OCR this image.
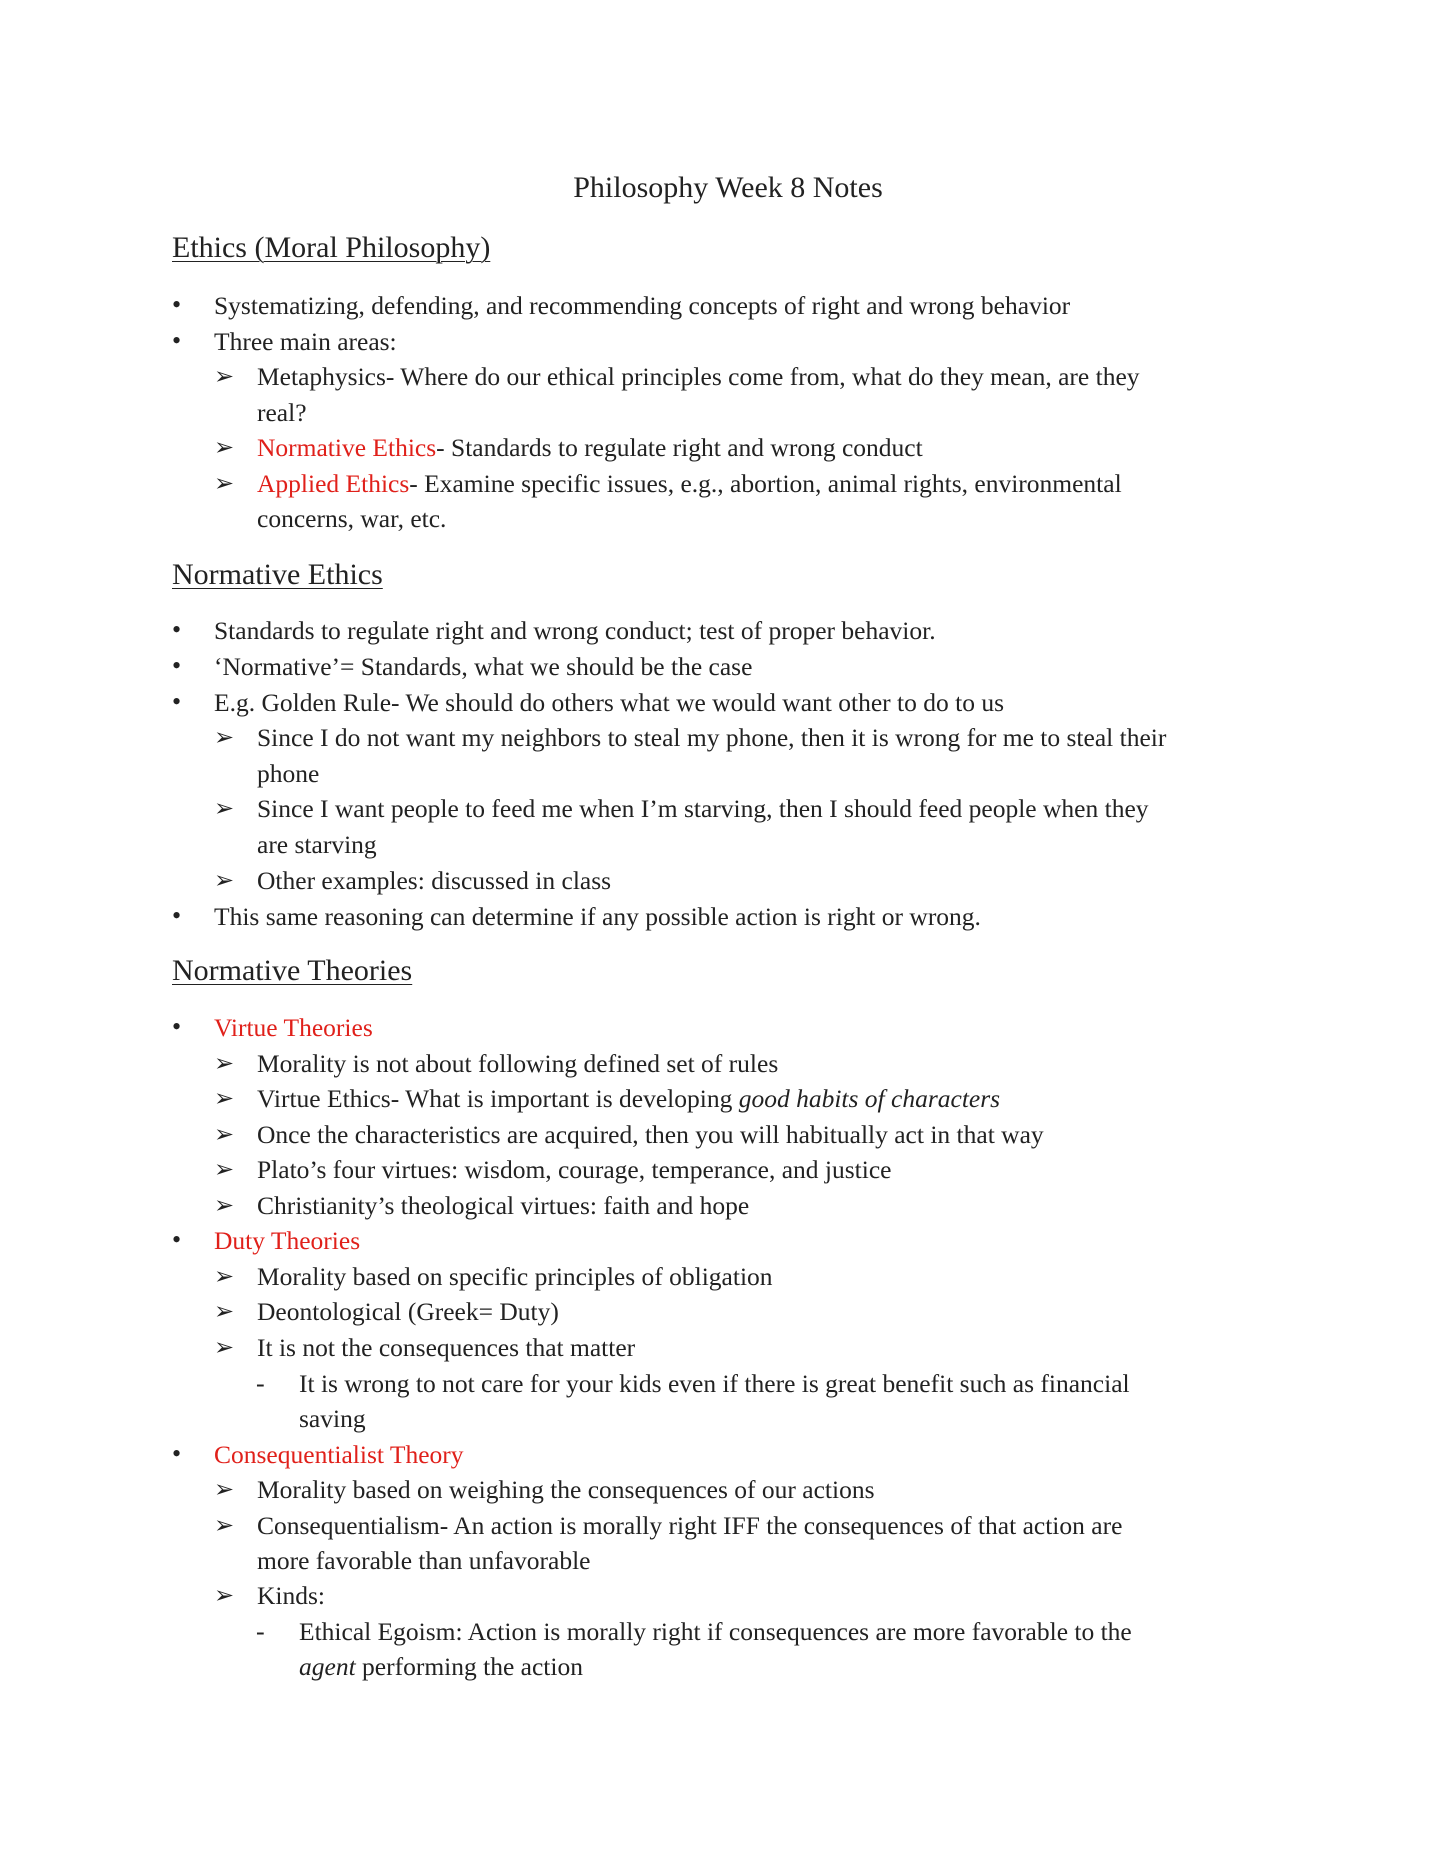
Philosophy Week 8 Notes
Ethics (Moral Philosophy)
• Systematizing, defending, and recommending concepts of right and wrong behavior
• Three main areas:
➢ Metaphysics- Where do our ethical principles come from, what do they mean, are they
real?
➢ Normative Ethics- Standards to regulate right and wrong conduct
➢ Applied Ethics- Examine specific issues, e.g., abortion, animal rights, environmental
concerns, war, etc.
Normative Ethics
• Standards to regulate right and wrong conduct; test of proper behavior.
• ‘Normative’= Standards, what we should be the case
• E.g. Golden Rule- We should do others what we would want other to do to us
➢ Since I do not want my neighbors to steal my phone, then it is wrong for me to steal their
phone
➢ Since I want people to feed me when I’m starving, then I should feed people when they
are starving
➢ Other examples: discussed in class
• This same reasoning can determine if any possible action is right or wrong.
Normative Theories
• Virtue Theories
➢ Morality is not about following defined set of rules
➢ Virtue Ethics- What is important is developing good habits of characters
➢ Once the characteristics are acquired, then you will habitually act in that way
➢ Plato’s four virtues: wisdom, courage, temperance, and justice
➢ Christianity’s theological virtues: faith and hope
• Duty Theories
➢ Morality based on specific principles of obligation
➢ Deontological (Greek= Duty)
➢ It is not the consequences that matter
- It is wrong to not care for your kids even if there is great benefit such as financial
saving
• Consequentialist Theory
➢ Morality based on weighing the consequences of our actions
➢ Consequentialism- An action is morally right IFF the consequences of that action are
more favorable than unfavorable
➢ Kinds:
- Ethical Egoism: Action is morally right if consequences are more favorable to the
agent performing the action
